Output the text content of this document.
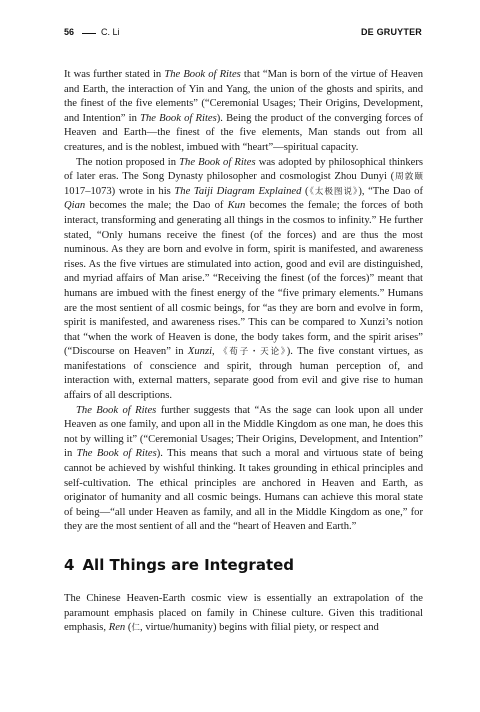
56	C. Li	DE GRUYTER

It was further stated in The Book of Rites that “Man is born of the virtue of Heaven and Earth, the interaction of Yin and Yang, the union of the ghosts and spirits, and the finest of the five elements” (“Ceremonial Usages; Their Origins, Development, and Intention” in The Book of Rites). Being the product of the converging forces of Heaven and Earth—the finest of the five elements, Man stands out from all creatures, and is the noblest, imbued with “heart”—spiritual capacity.

The notion proposed in The Book of Rites was adopted by philosophical thinkers of later eras. The Song Dynasty philosopher and cosmologist Zhou Dunyi (周敦颐 1017–1073) wrote in his The Taiji Diagram Explained (《太极图说》), “The Dao of Qian becomes the male; the Dao of Kun becomes the female; the forces of both interact, transforming and generating all things in the cosmos to infinity.” He further stated, “Only humans receive the finest (of the forces) and are thus the most numinous. As they are born and evolve in form, spirit is manifested, and awareness rises. As the five virtues are stimulated into action, good and evil are distinguished, and myriad affairs of Man arise.” “Receiving the finest (of the forces)” meant that humans are imbued with the finest energy of the “five primary elements.” Humans are the most sentient of all cosmic beings, for “as they are born and evolve in form, spirit is manifested, and awareness rises.” This can be compared to Xunzi’s notion that “when the work of Heaven is done, the body takes form, and the spirit arises” (“Discourse on Heaven” in Xunzi, 《荀子・天论》). The five constant virtues, as manifestations of conscience and spirit, through human perception of, and interaction with, external matters, separate good from evil and give rise to human affairs of all descriptions.

The Book of Rites further suggests that “As the sage can look upon all under Heaven as one family, and upon all in the Middle Kingdom as one man, he does this not by willing it” (“Ceremonial Usages; Their Origins, Development, and Intention” in The Book of Rites). This means that such a moral and virtuous state of being cannot be achieved by wishful thinking. It takes grounding in ethical principles and self-cultivation. The ethical principles are anchored in Heaven and Earth, as originator of humanity and all cosmic beings. Humans can achieve this moral state of being—“all under Heaven as family, and all in the Middle Kingdom as one,” for they are the most sentient of all and the “heart of Heaven and Earth.”

4 All Things are Integrated

The Chinese Heaven-Earth cosmic view is essentially an extrapolation of the paramount emphasis placed on family in Chinese culture. Given this traditional emphasis, Ren (仁, virtue/humanity) begins with filial piety, or respect and
